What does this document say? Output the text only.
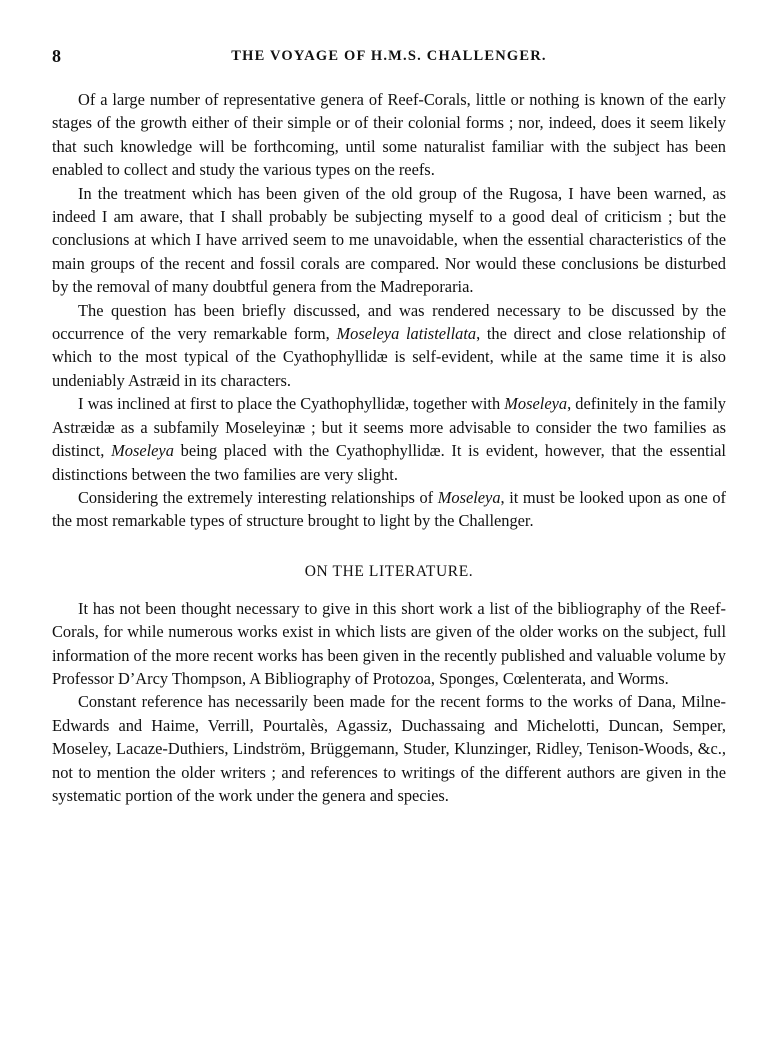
8	THE VOYAGE OF H.M.S. CHALLENGER.

Of a large number of representative genera of Reef-Corals, little or nothing is known of the early stages of the growth either of their simple or of their colonial forms ; nor, indeed, does it seem likely that such knowledge will be forthcoming, until some naturalist familiar with the subject has been enabled to collect and study the various types on the reefs.

In the treatment which has been given of the old group of the Rugosa, I have been warned, as indeed I am aware, that I shall probably be subjecting myself to a good deal of criticism ; but the conclusions at which I have arrived seem to me unavoidable, when the essential characteristics of the main groups of the recent and fossil corals are compared. Nor would these conclusions be disturbed by the removal of many doubtful genera from the Madreporaria.

The question has been briefly discussed, and was rendered necessary to be discussed by the occurrence of the very remarkable form, Moseleya latistellata, the direct and close relationship of which to the most typical of the Cyathophyllidæ is self-evident, while at the same time it is also undeniably Astræid in its characters.

I was inclined at first to place the Cyathophyllidæ, together with Moseleya, definitely in the family Astræidæ as a subfamily Moseleyinæ ; but it seems more advisable to consider the two families as distinct, Moseleya being placed with the Cyathophyllidæ. It is evident, however, that the essential distinctions between the two families are very slight.

Considering the extremely interesting relationships of Moseleya, it must be looked upon as one of the most remarkable types of structure brought to light by the Challenger.

ON THE LITERATURE.

It has not been thought necessary to give in this short work a list of the bibliography of the Reef-Corals, for while numerous works exist in which lists are given of the older works on the subject, full information of the more recent works has been given in the recently published and valuable volume by Professor D’Arcy Thompson, A Bibliography of Protozoa, Sponges, Cœlenterata, and Worms.

Constant reference has necessarily been made for the recent forms to the works of Dana, Milne-Edwards and Haime, Verrill, Pourtalès, Agassiz, Duchassaing and Michelotti, Duncan, Semper, Moseley, Lacaze-Duthiers, Lindström, Brüggemann, Studer, Klunzinger, Ridley, Tenison-Woods, &c., not to mention the older writers ; and references to writings of the different authors are given in the systematic portion of the work under the genera and species.
